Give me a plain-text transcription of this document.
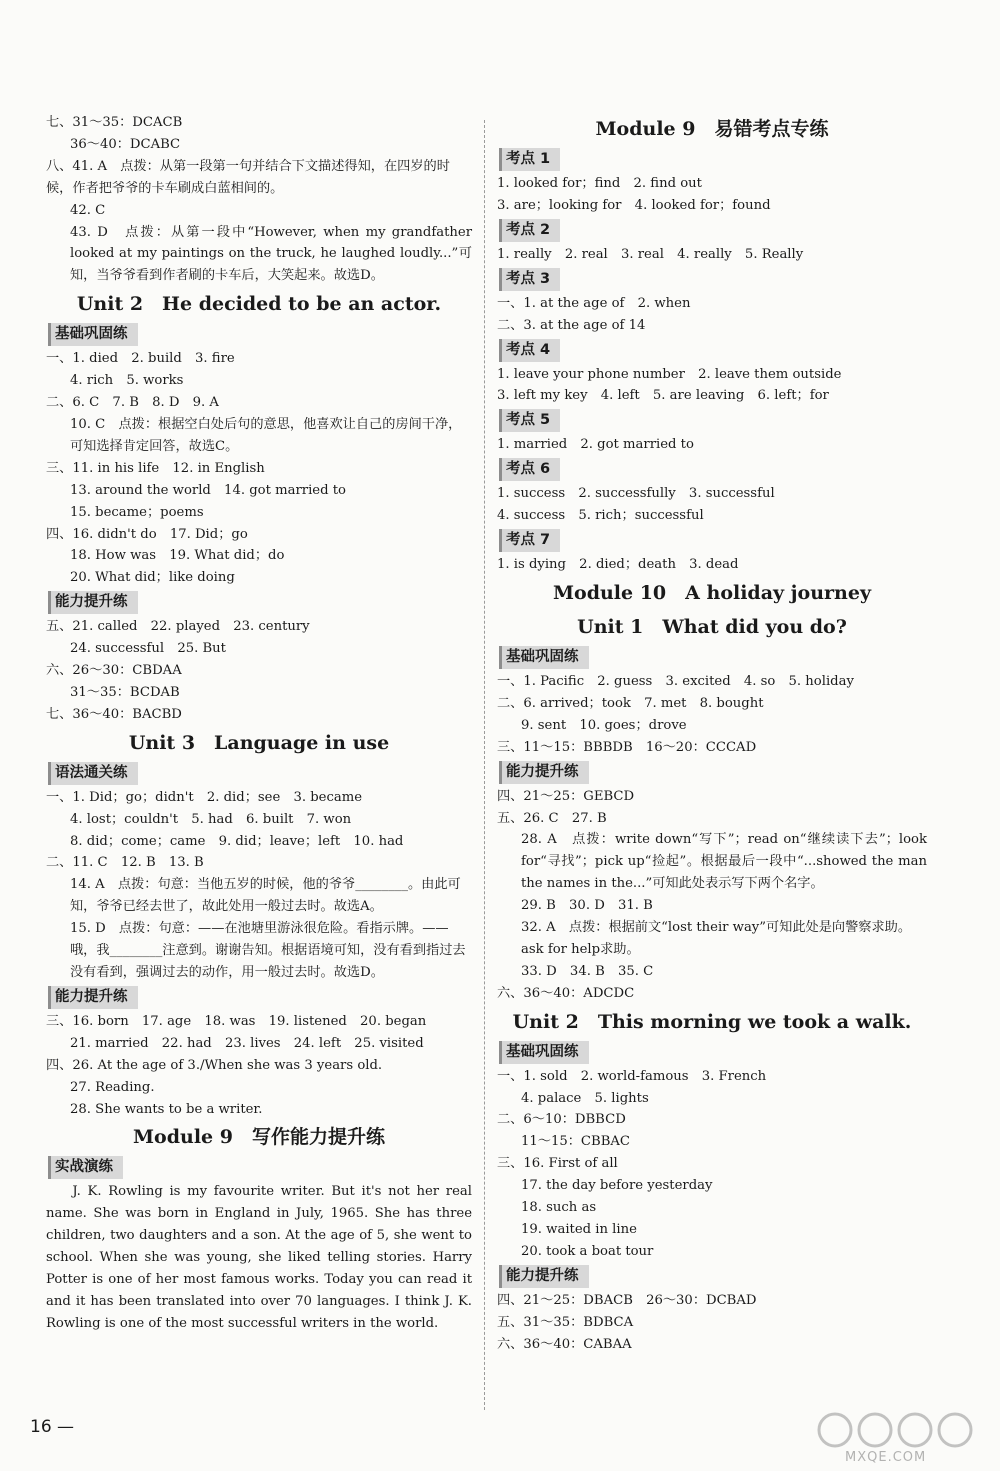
七、31～35：DCACB
36～40：DCABC
八、41. A　点拨：从第一段第一句并结合下文描述得知，在四岁的时候，作者把爷爷的卡车刷成白蓝相间的。
42. C
43. D　点拨：从第一段中“However, when my grandfather looked at my paintings on the truck, he laughed loudly...”可知，当爷爷看到作者刷的卡车后，大笑起来。故选D。
Unit 2　He decided to be an actor.
基础巩固练
一、1. died　2. build　3. fire
4. rich　5. works
二、6. C　7. B　8. D　9. A
10. C　点拨：根据空白处后句的意思，他喜欢让自己的房间干净，可知选择肯定回答，故选C。
三、11. in his life　12. in English
13. around the world　14. got married to
15. became；poems
四、16. didn't do　17. Did；go
18. How was　19. What did；do
20. What did；like doing
能力提升练
五、21. called　22. played　23. century
24. successful　25. But
六、26～30：CBDAA
31～35：BCDAB
七、36～40：BACBD
Unit 3　Language in use
语法通关练
一、1. Did；go；didn't　2. did；see　3. became
4. lost；couldn't　5. had　6. built　7. won
8. did；come；came　9. did；leave；left　10. had
二、11. C　12. B　13. B
14. A　点拨：句意：当他五岁的时候，他的爷爷________。由此可知，爷爷已经去世了，故此处用一般过去时。故选A。
15. D　点拨：句意：——在池塘里游泳很危险。看指示牌。——哦，我________注意到。谢谢告知。根据语境可知，没有看到指过去没有看到，强调过去的动作，用一般过去时。故选D。
能力提升练
三、16. born　17. age　18. was　19. listened　20. began
21. married　22. had　23. lives　24. left　25. visited
四、26. At the age of 3./When she was 3 years old.
27. Reading.
28. She wants to be a writer.
Module 9　写作能力提升练
实战演练
J. K. Rowling is my favourite writer. But it's not her real name. She was born in England in July, 1965. She has three children, two daughters and a son. At the age of 5, she went to school. When she was young, she liked telling stories. Harry Potter is one of her most famous works. Today you can read it and it has been translated into over 70 languages. I think J. K. Rowling is one of the most successful writers in the world.
Module 9　易错考点专练
考点 1
1. looked for；find　2. find out
3. are；looking for　4. looked for；found
考点 2
1. really　2. real　3. real　4. really　5. Really
考点 3
一、1. at the age of　2. when
二、3. at the age of 14
考点 4
1. leave your phone number　2. leave them outside
3. left my key　4. left　5. are leaving　6. left；for
考点 5
1. married　2. got married to
考点 6
1. success　2. successfully　3. successful
4. success　5. rich；successful
考点 7
1. is dying　2. died；death　3. dead
Module 10　A holiday journey
Unit 1　What did you do?
基础巩固练
一、1. Pacific　2. guess　3. excited　4. so　5. holiday
二、6. arrived；took　7. met　8. bought
9. sent　10. goes；drove
三、11～15：BBBDB　16～20：CCCAD
能力提升练
四、21～25：GEBCD
五、26. C　27. B
28. A　点拨：write down“写下”；read on“继续读下去”；look for“寻找”；pick up“捡起”。根据最后一段中“...showed the man the names in the...”可知此处表示写下两个名字。
29. B　30. D　31. B
32. A　点拨：根据前文“lost their way”可知此处是向警察求助。ask for help求助。
33. D　34. B　35. C
六、36～40：ADCDC
Unit 2　This morning we took a walk.
基础巩固练
一、1. sold　2. world-famous　3. French
4. palace　5. lights
二、6～10：DBBCD
11～15：CBBAC
三、16. First of all
17. the day before yesterday
18. such as
19. waited in line
20. took a boat tour
能力提升练
四、21～25：DBACB　26～30：DCBAD
五、31～35：BDBCA
六、36～40：CABAA
16 —
MXQE.COM
